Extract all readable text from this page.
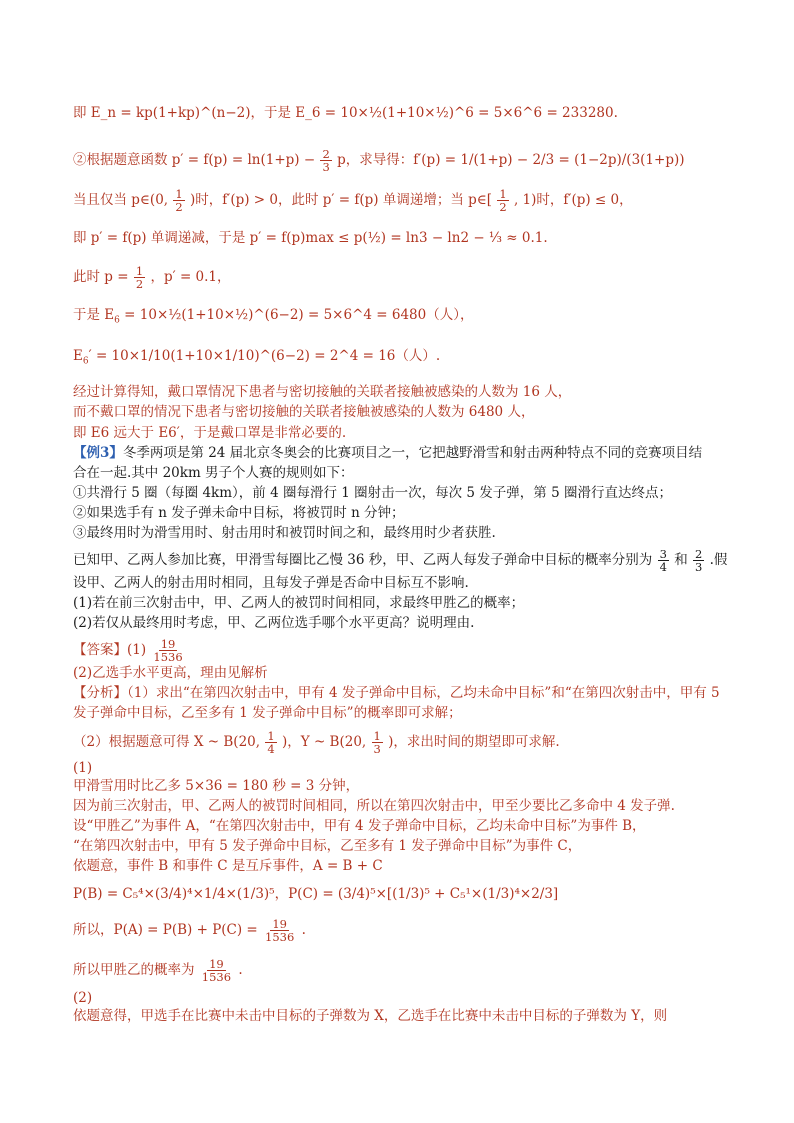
即 E_n = kp(1+kp)^(n−2)，于是 E_6 = 10×½(1+10×½)^6 = 5×6^6 = 233280.
②根据题意函数 $p' = f(p) = \ln(1+p) - \frac{2}{3}$ p，求导得：f′(p) = 1/(1+p) − 2/3 = (1−2p)/(3(1+p))
当且仅当 p∈(0, $\frac{1}{2}$ )时，f′(p) > 0，此时 p′ = f(p) 单调递增；当 p∈[ $\frac{1}{2}$ , 1)时，f′(p) ≤ 0，
即 p′ = f(p) 单调递减，于是 p′ = f(p)max ≤ p(½) = ln3 − ln2 − ⅓ ≈ 0.1.
此时 $p = \frac{1}{2}$ ，p′ = 0.1，
于是 $E_6$ = 10×½(1+10×½)^(6−2) = 5×6^4 = 6480（人），
$E_6'$ = 10×1/10(1+10×1/10)^(6−2) = 2^4 = 16（人）.
经过计算得知，戴口罩情况下患者与密切接触的关联者接触被感染的人数为 16 人，
而不戴口罩的情况下患者与密切接触的关联者接触被感染的人数为 6480 人，
即 E6 远大于 E6′，于是戴口罩是非常必要的.
【例3】冬季两项是第 24 届北京冬奥会的比赛项目之一，它把越野滑雪和射击两种特点不同的竞赛项目结
合在一起.其中 20km 男子个人赛的规则如下：
①共滑行 5 圈（每圈 4km），前 4 圈每滑行 1 圈射击一次，每次 5 发子弹，第 5 圈滑行直达终点；
②如果选手有 n 发子弹未命中目标，将被罚时 n 分钟；
③最终用时为滑雪用时、射击用时和被罚时间之和，最终用时少者获胜.
已知甲、乙两人参加比赛，甲滑雪每圈比乙慢 36 秒，甲、乙两人每发子弹命中目标的概率分别为 $\frac{3}{4}$ 和 $\frac{2}{3}$ .假
设甲、乙两人的射击用时相同，且每发子弹是否命中目标互不影响.
(1)若在前三次射击中，甲、乙两人的被罚时间相同，求最终甲胜乙的概率；
(2)若仅从最终用时考虑，甲、乙两位选手哪个水平更高？说明理由.
【答案】$(1) \frac{19}{1536}$
(2)乙选手水平更高，理由见解析
【分析】（1）求出“在第四次射击中，甲有 4 发子弹命中目标，乙均未命中目标”和“在第四次射击中，甲有 5
发子弹命中目标，乙至多有 1 发子弹命中目标”的概率即可求解；
（2）根据题意可得 X ~ B(20, $\frac{1}{4}$ )，Y ~ B(20, $\frac{1}{3}$ )，求出时间的期望即可求解.
(1)
甲滑雪用时比乙多 5×36 = 180 秒 = 3 分钟，
因为前三次射击，甲、乙两人的被罚时间相同，所以在第四次射击中，甲至少要比乙多命中 4 发子弹.
设“甲胜乙”为事件 A，“在第四次射击中，甲有 4 发子弹命中目标，乙均未命中目标”为事件 B，
“在第四次射击中，甲有 5 发子弹命中目标，乙至多有 1 发子弹命中目标”为事件 C，
依题意，事件 B 和事件 C 是互斥事件，A = B + C
P(B) = C₅⁴×(3/4)⁴×1/4×(1/3)⁵，P(C) = (3/4)⁵×[(1/3)⁵ + C₅¹×(1/3)⁴×2/3]
所以，$P(A) = P(B) + P(C) = \frac{19}{1536}$ .
所以甲胜乙的概率为 $\frac{19}{1536}$ .
(2)
依题意得，甲选手在比赛中未击中目标的子弹数为 X，乙选手在比赛中未击中目标的子弹数为 Y，则
